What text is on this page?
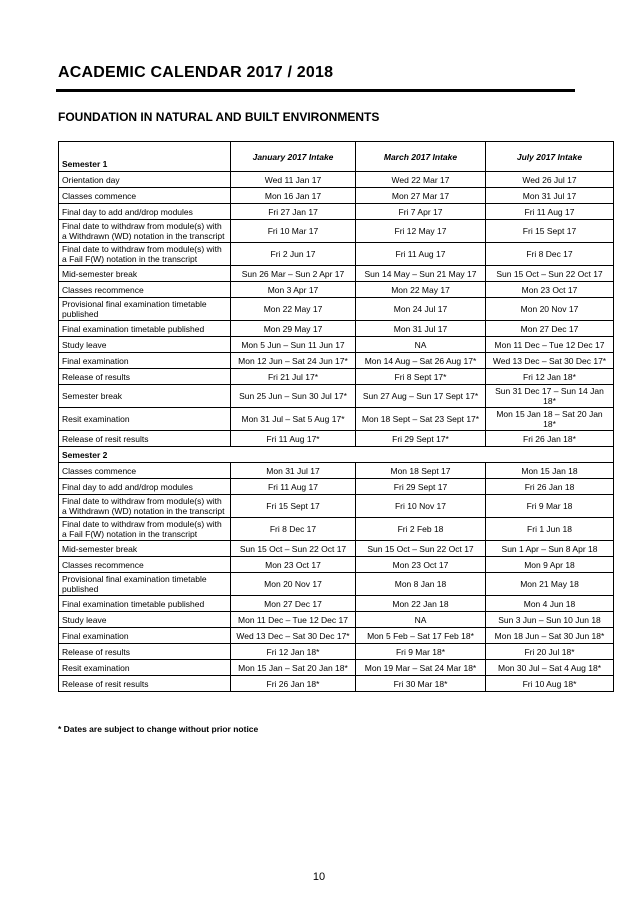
ACADEMIC CALENDAR 2017 / 2018
FOUNDATION IN NATURAL AND BUILT ENVIRONMENTS
Semester 1	January 2017 Intake	March 2017 Intake	July 2017 Intake
Orientation day	Wed 11 Jan 17	Wed 22 Mar 17	Wed 26 Jul 17
Classes commence	Mon 16 Jan 17	Mon 27 Mar 17	Mon 31 Jul 17
Final day to add and/drop modules	Fri 27 Jan 17	Fri 7 Apr 17	Fri 11 Aug 17
Final date to withdraw from module(s) with a Withdrawn (WD) notation in the transcript	Fri 10 Mar 17	Fri 12 May 17	Fri 15 Sept 17
Final date to withdraw from module(s) with a Fail F(W) notation in the transcript	Fri 2 Jun 17	Fri 11 Aug 17	Fri 8 Dec 17
Mid-semester break	Sun 26 Mar – Sun 2 Apr 17	Sun 14 May – Sun 21 May 17	Sun 15 Oct – Sun 22 Oct 17
Classes recommence	Mon 3 Apr 17	Mon 22 May 17	Mon 23 Oct 17
Provisional final examination timetable published	Mon 22 May 17	Mon 24 Jul 17	Mon 20 Nov 17
Final examination timetable published	Mon 29 May 17	Mon 31 Jul 17	Mon 27 Dec 17
Study leave	Mon 5 Jun – Sun 11 Jun 17	NA	Mon 11 Dec – Tue 12 Dec 17
Final examination	Mon 12 Jun – Sat 24 Jun 17*	Mon 14 Aug – Sat 26 Aug 17*	Wed 13 Dec – Sat 30 Dec 17*
Release of results	Fri 21 Jul 17*	Fri 8 Sept 17*	Fri 12 Jan 18*
Semester break	Sun 25 Jun – Sun 30 Jul 17*	Sun 27 Aug – Sun 17 Sept 17*	Sun 31 Dec 17 – Sun 14 Jan 18*
Resit examination	Mon 31 Jul – Sat 5 Aug 17*	Mon 18 Sept – Sat 23 Sept 17*	Mon 15 Jan 18 – Sat 20 Jan 18*
Release of resit results	Fri 11 Aug 17*	Fri 29 Sept 17*	Fri 26 Jan 18*
Semester 2			
Classes commence	Mon 31 Jul 17	Mon 18 Sept 17	Mon 15 Jan 18
Final day to add and/drop modules	Fri 11 Aug 17	Fri 29 Sept 17	Fri 26 Jan 18
Final date to withdraw from module(s) with a Withdrawn (WD) notation in the transcript	Fri 15 Sept 17	Fri 10 Nov 17	Fri 9 Mar 18
Final date to withdraw from module(s) with a Fail F(W) notation in the transcript	Fri 8 Dec 17	Fri 2 Feb 18	Fri 1 Jun 18
Mid-semester break	Sun 15 Oct – Sun 22 Oct 17	Sun 15 Oct – Sun 22 Oct 17	Sun 1 Apr – Sun 8 Apr 18
Classes recommence	Mon 23 Oct 17	Mon 23 Oct 17	Mon 9 Apr 18
Provisional final examination timetable published	Mon 20 Nov 17	Mon 8 Jan 18	Mon 21 May 18
Final examination timetable published	Mon 27 Dec 17	Mon 22 Jan 18	Mon 4 Jun 18
Study leave	Mon 11 Dec – Tue 12 Dec 17	NA	Sun 3 Jun – Sun 10 Jun 18
Final examination	Wed 13 Dec – Sat 30 Dec 17*	Mon 5 Feb – Sat 17 Feb 18*	Mon 18 Jun – Sat 30 Jun 18*
Release of results	Fri 12 Jan 18*	Fri 9 Mar 18*	Fri 20 Jul 18*
Resit examination	Mon 15 Jan – Sat 20 Jan 18*	Mon 19 Mar – Sat 24 Mar 18*	Mon 30 Jul – Sat 4 Aug 18*
Release of resit results	Fri 26 Jan 18*	Fri 30 Mar 18*	Fri 10 Aug 18*
* Dates are subject to change without prior notice
10
